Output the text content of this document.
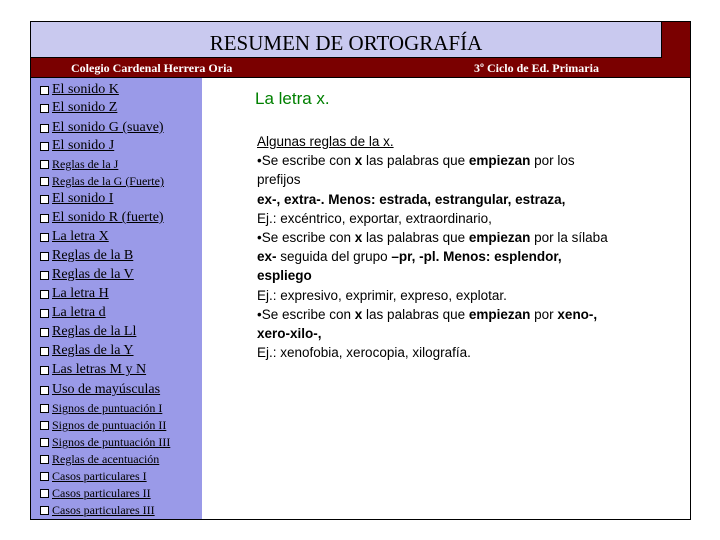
RESUMEN DE ORTOGRAFÍA
Colegio Cardenal Herrera Oria	3º Ciclo de Ed. Primaria
El sonido K
El sonido Z
El sonido G (suave)
El sonido J
Reglas de la J
Reglas de la G (Fuerte)
El sonido I
El sonido R (fuerte)
La letra X
Reglas de la B
Reglas de la V
La letra H
La letra d
Reglas de la Ll
Reglas de la Y
Las letras M y N
Uso de mayúsculas
Signos de puntuación I
Signos de puntuación II
Signos de puntuación III
Reglas de acentuación
Casos particulares I
Casos particulares II
Casos particulares III
La letra x.
Algunas reglas de la x.
•Se escribe con x las palabras que empiezan por los
prefijos
ex-, extra-. Menos: estrada, estrangular, estraza,
Ej.: excéntrico, exportar, extraordinario,
•Se escribe con x las palabras que empiezan por la sílaba
ex- seguida del grupo –pr, -pl. Menos: esplendor,
espliego
Ej.: expresivo, exprimir, expreso, explotar.
•Se escribe con x las palabras que empiezan por xeno-,
xero-xilo-,
Ej.: xenofobia, xerocopia, xilografía.
